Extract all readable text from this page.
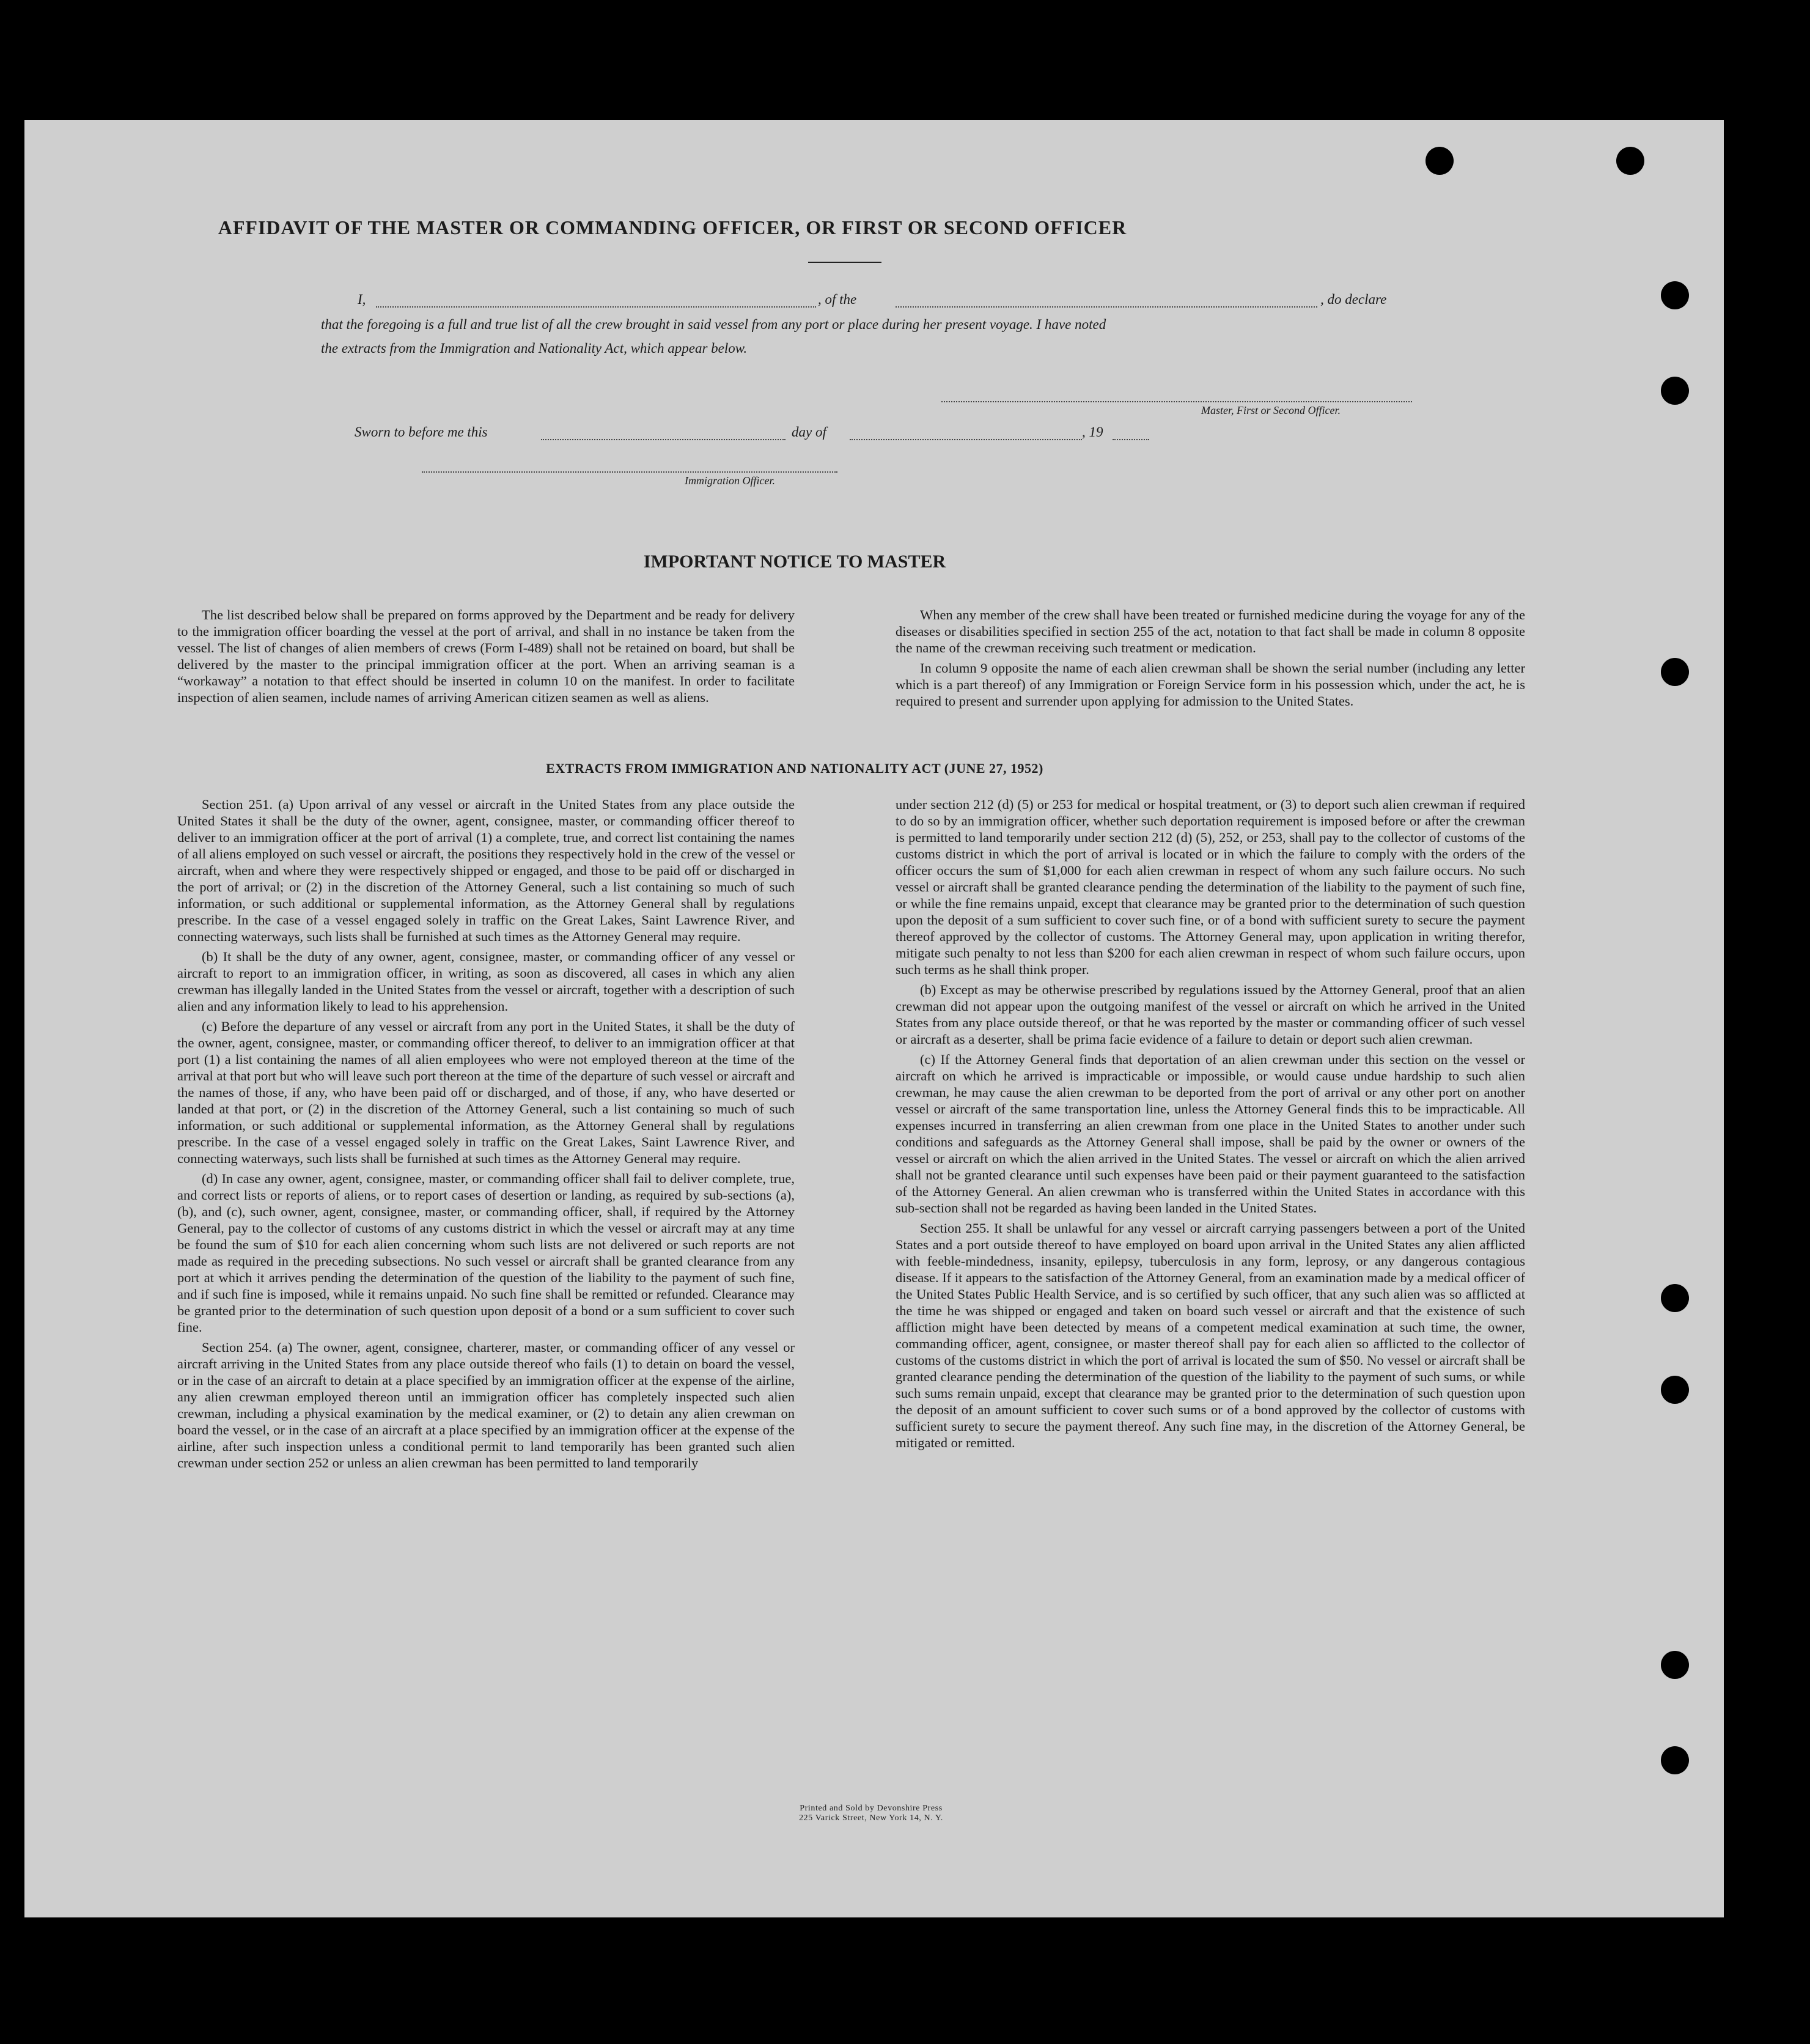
AFFIDAVIT OF THE MASTER OR COMMANDING OFFICER, OR FIRST OR SECOND OFFICER
I,	, of the	, do declare
that the foregoing is a full and true list of all the crew brought in said vessel from any port or place during her present voyage. I have noted
the extracts from the Immigration and Nationality Act, which appear below.
Master, First or Second Officer.
Sworn to before me this	day of	, 19
Immigration Officer.
IMPORTANT NOTICE TO MASTER

The list described below shall be prepared on forms approved by the Department and be ready for delivery to the immigration officer boarding the vessel at the port of arrival, and shall in no instance be taken from the vessel. The list of changes of alien members of crews (Form I-489) shall not be retained on board, but shall be delivered by the master to the principal immigration officer at the port. When an arriving seaman is a “workaway” a notation to that effect should be inserted in column 10 on the manifest. In order to facilitate inspection of alien seamen, include names of arriving American citizen seamen as well as aliens.

When any member of the crew shall have been treated or furnished medicine during the voyage for any of the diseases or disabilities specified in section 255 of the act, notation to that fact shall be made in column 8 opposite the name of the crewman receiving such treatment or medication.

In column 9 opposite the name of each alien crewman shall be shown the serial number (including any letter which is a part thereof) of any Immigration or Foreign Service form in his possession which, under the act, he is required to present and surrender upon applying for admission to the United States.

EXTRACTS FROM IMMIGRATION AND NATIONALITY ACT (JUNE 27, 1952)

Section 251. (a) Upon arrival of any vessel or aircraft in the United States from any place outside the United States it shall be the duty of the owner, agent, consignee, master, or commanding officer thereof to deliver to an immigration officer at the port of arrival (1) a complete, true, and correct list containing the names of all aliens employed on such vessel or aircraft, the positions they respectively hold in the crew of the vessel or aircraft, when and where they were respectively shipped or engaged, and those to be paid off or discharged in the port of arrival; or (2) in the discretion of the Attorney General, such a list containing so much of such information, or such additional or supplemental information, as the Attorney General shall by regulations prescribe. In the case of a vessel engaged solely in traffic on the Great Lakes, Saint Lawrence River, and connecting waterways, such lists shall be furnished at such times as the Attorney General may require.

(b) It shall be the duty of any owner, agent, consignee, master, or commanding officer of any vessel or aircraft to report to an immigration officer, in writing, as soon as discovered, all cases in which any alien crewman has illegally landed in the United States from the vessel or aircraft, together with a description of such alien and any information likely to lead to his apprehension.

(c) Before the departure of any vessel or aircraft from any port in the United States, it shall be the duty of the owner, agent, consignee, master, or commanding officer thereof, to deliver to an immigration officer at that port (1) a list containing the names of all alien employees who were not employed thereon at the time of the arrival at that port but who will leave such port thereon at the time of the departure of such vessel or aircraft and the names of those, if any, who have been paid off or discharged, and of those, if any, who have deserted or landed at that port, or (2) in the discretion of the Attorney General, such a list containing so much of such information, or such additional or supplemental information, as the Attorney General shall by regulations prescribe. In the case of a vessel engaged solely in traffic on the Great Lakes, Saint Lawrence River, and connecting waterways, such lists shall be furnished at such times as the Attorney General may require.

(d) In case any owner, agent, consignee, master, or commanding officer shall fail to deliver complete, true, and correct lists or reports of aliens, or to report cases of desertion or landing, as required by sub-sections (a), (b), and (c), such owner, agent, consignee, master, or commanding officer, shall, if required by the Attorney General, pay to the collector of customs of any customs district in which the vessel or aircraft may at any time be found the sum of $10 for each alien concerning whom such lists are not delivered or such reports are not made as required in the preceding subsections. No such vessel or aircraft shall be granted clearance from any port at which it arrives pending the determination of the question of the liability to the payment of such fine, and if such fine is imposed, while it remains unpaid. No such fine shall be remitted or refunded. Clearance may be granted prior to the determination of such question upon deposit of a bond or a sum sufficient to cover such fine.

Section 254. (a) The owner, agent, consignee, charterer, master, or commanding officer of any vessel or aircraft arriving in the United States from any place outside thereof who fails (1) to detain on board the vessel, or in the case of an aircraft to detain at a place specified by an immigration officer at the expense of the airline, any alien crewman employed thereon until an immigration officer has completely inspected such alien crewman, including a physical examination by the medical examiner, or (2) to detain any alien crewman on board the vessel, or in the case of an aircraft at a place specified by an immigration officer at the expense of the airline, after such inspection unless a conditional permit to land temporarily has been granted such alien crewman under section 252 or unless an alien crewman has been permitted to land temporarily

under section 212 (d) (5) or 253 for medical or hospital treatment, or (3) to deport such alien crewman if required to do so by an immigration officer, whether such deportation requirement is imposed before or after the crewman is permitted to land temporarily under section 212 (d) (5), 252, or 253, shall pay to the collector of customs of the customs district in which the port of arrival is located or in which the failure to comply with the orders of the officer occurs the sum of $1,000 for each alien crewman in respect of whom any such failure occurs. No such vessel or aircraft shall be granted clearance pending the determination of the liability to the payment of such fine, or while the fine remains unpaid, except that clearance may be granted prior to the determination of such question upon the deposit of a sum sufficient to cover such fine, or of a bond with sufficient surety to secure the payment thereof approved by the collector of customs. The Attorney General may, upon application in writing therefor, mitigate such penalty to not less than $200 for each alien crewman in respect of whom such failure occurs, upon such terms as he shall think proper.

(b) Except as may be otherwise prescribed by regulations issued by the Attorney General, proof that an alien crewman did not appear upon the outgoing manifest of the vessel or aircraft on which he arrived in the United States from any place outside thereof, or that he was reported by the master or commanding officer of such vessel or aircraft as a deserter, shall be prima facie evidence of a failure to detain or deport such alien crewman.

(c) If the Attorney General finds that deportation of an alien crewman under this section on the vessel or aircraft on which he arrived is impracticable or impossible, or would cause undue hardship to such alien crewman, he may cause the alien crewman to be deported from the port of arrival or any other port on another vessel or aircraft of the same transportation line, unless the Attorney General finds this to be impracticable. All expenses incurred in transferring an alien crewman from one place in the United States to another under such conditions and safeguards as the Attorney General shall impose, shall be paid by the owner or owners of the vessel or aircraft on which the alien arrived in the United States. The vessel or aircraft on which the alien arrived shall not be granted clearance until such expenses have been paid or their payment guaranteed to the satisfaction of the Attorney General. An alien crewman who is transferred within the United States in accordance with this sub-section shall not be regarded as having been landed in the United States.

Section 255. It shall be unlawful for any vessel or aircraft carrying passengers between a port of the United States and a port outside thereof to have employed on board upon arrival in the United States any alien afflicted with feeble-mindedness, insanity, epilepsy, tuberculosis in any form, leprosy, or any dangerous contagious disease. If it appears to the satisfaction of the Attorney General, from an examination made by a medical officer of the United States Public Health Service, and is so certified by such officer, that any such alien was so afflicted at the time he was shipped or engaged and taken on board such vessel or aircraft and that the existence of such affliction might have been detected by means of a competent medical examination at such time, the owner, commanding officer, agent, consignee, or master thereof shall pay for each alien so afflicted to the collector of customs of the customs district in which the port of arrival is located the sum of $50. No vessel or aircraft shall be granted clearance pending the determination of the question of the liability to the payment of such sums, or while such sums remain unpaid, except that clearance may be granted prior to the determination of such question upon the deposit of an amount sufficient to cover such sums or of a bond approved by the collector of customs with sufficient surety to secure the payment thereof. Any such fine may, in the discretion of the Attorney General, be mitigated or remitted.

Printed and Sold by Devonshire Press
225 Varick Street, New York 14, N. Y.
